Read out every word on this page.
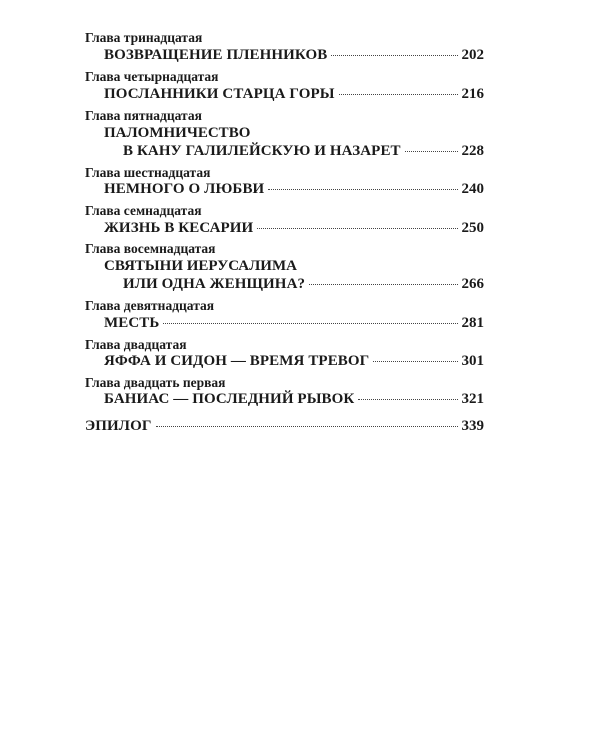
Глава тринадцатая
ВОЗВРАЩЕНИЕ ПЛЕННИКОВ	202
Глава четырнадцатая
ПОСЛАННИКИ СТАРЦА ГОРЫ	216
Глава пятнадцатая
ПАЛОМНИЧЕСТВО
В КАНУ ГАЛИЛЕЙСКУЮ И НАЗАРЕТ	228
Глава шестнадцатая
НЕМНОГО О ЛЮБВИ	240
Глава семнадцатая
ЖИЗНЬ В КЕСАРИИ	250
Глава восемнадцатая
СВЯТЫНИ ИЕРУСАЛИМА
ИЛИ ОДНА ЖЕНЩИНА?	266
Глава девятнадцатая
МЕСТЬ	281
Глава двадцатая
ЯФФА И СИДОН — ВРЕМЯ ТРЕВОГ	301
Глава двадцать первая
БАНИАС — ПОСЛЕДНИЙ РЫВОК	321
ЭПИЛОГ	339
